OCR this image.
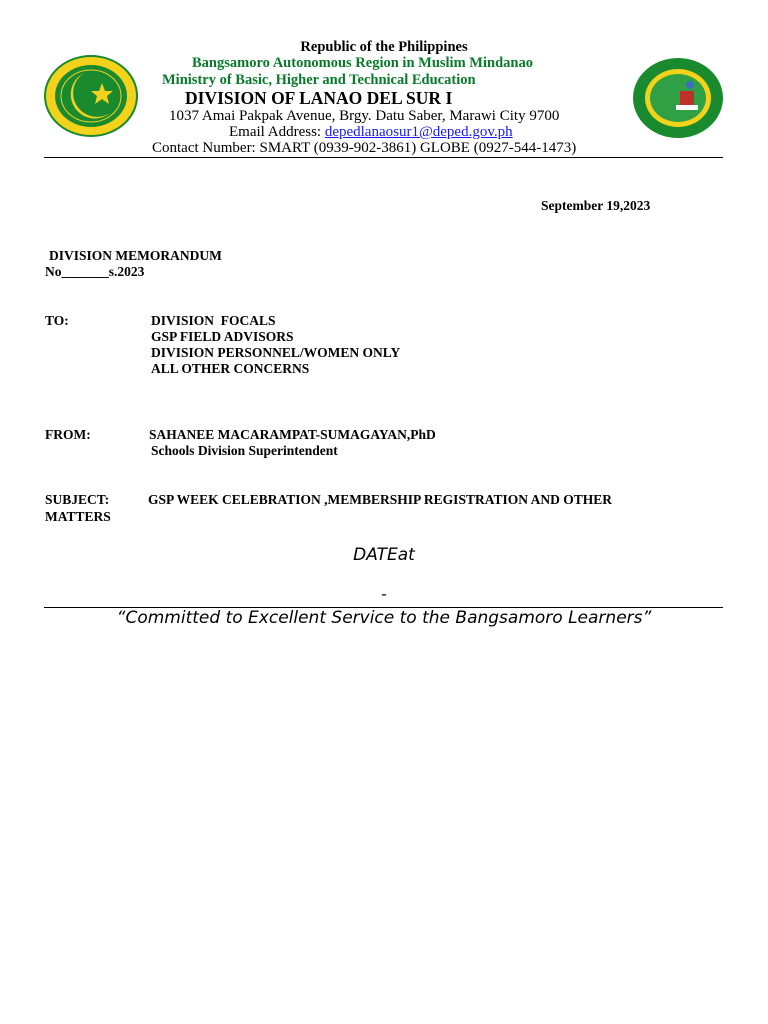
Republic of the Philippines
Bangsamoro Autonomous Region in Muslim Mindanao
Ministry of Basic, Higher and Technical Education
DIVISION OF LANAO DEL SUR I
1037 Amai Pakpak Avenue, Brgy. Datu Saber, Marawi City 9700
Email Address: depedlanaosur1@deped.gov.ph
Contact Number: SMART (0939-902-3861) GLOBE (0927-544-1473)
September 19,2023
DIVISION MEMORANDUM
No_______s.2023
TO:	DIVISION  FOCALS
GSP FIELD ADVISORS
DIVISION PERSONNEL/WOMEN ONLY
ALL OTHER CONCERNS
FROM:	SAHANEE MACARAMPAT-SUMAGAYAN,PhD
Schools Division Superintendent
SUBJECT:	GSP WEEK CELEBRATION ,MEMBERSHIP REGISTRATION AND OTHER
MATTERS
DATEat
-
“Committed to Excellent Service to the Bangsamoro Learners”
